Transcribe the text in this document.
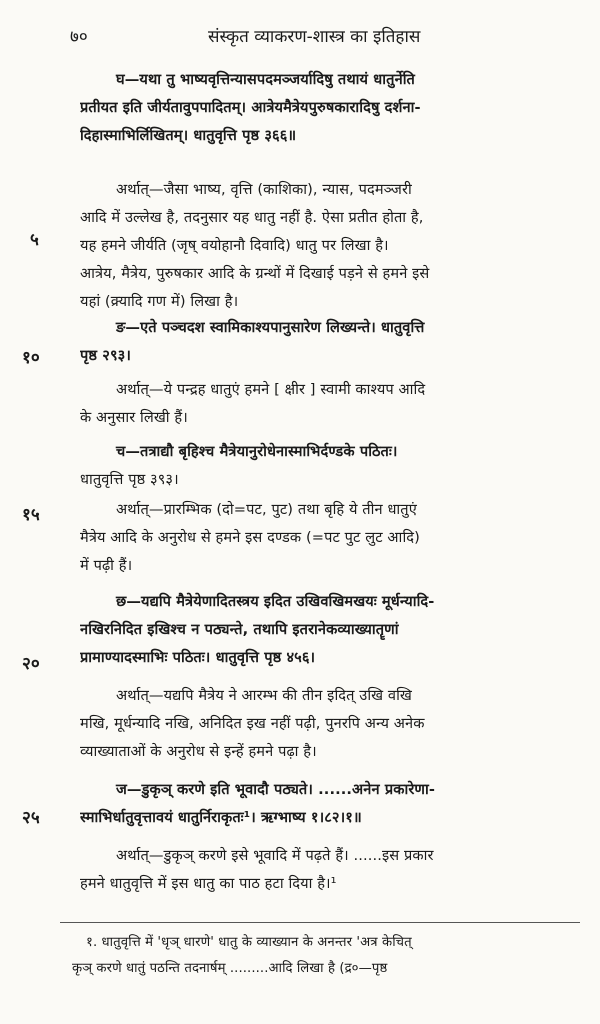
७०	संस्कृत व्याकरण-शास्त्र का इतिहास
५
१०
१५
२०
२५
घ—यथा तु भाष्यवृत्तिन्यासपदमञ्जर्यादिषु तथायं धातुर्नेति
प्रतीयत इति जीर्यतावुपपादितम्। आत्रेयमैत्रेयपुरुषकारादिषु दर्शना-
दिहास्माभिर्लिखितम्। धातुवृत्ति पृष्ठ ३६६॥
अर्थात्—जैसा भाष्य, वृत्ति (काशिका), न्यास, पदमञ्जरी
आदि में उल्लेख है, तदनुसार यह धातु नहीं है. ऐसा प्रतीत होता है,
यह हमने जीर्यति (जृष् वयोहानौ दिवादि) धातु पर लिखा है।
आत्रेय, मैत्रेय, पुरुषकार आदि के ग्रन्थों में दिखाई पड़ने से हमने इसे
यहां (क्र्यादि गण में) लिखा है।
ङ—एते पञ्चदश स्वामिकाश्यपानुसारेण लिख्यन्ते। धातुवृत्ति
पृष्ठ २९३।
अर्थात्—ये पन्द्रह धातुएं हमने [ क्षीर ] स्वामी काश्यप आदि
के अनुसार लिखी हैं।
च—तत्राद्यौ बृहिश्च मैत्रेयानुरोधेनास्माभिर्दण्डके पठितः।
धातुवृत्ति पृष्ठ ३९३।
अर्थात्—प्रारम्भिक (दो=पट, पुट) तथा बृहि ये तीन धातुएं
मैत्रेय आदि के अनुरोध से हमने इस दण्डक (=पट पुट लुट आदि)
में पढ़ी हैं।
छ—यद्यपि मैत्रेयेणादितस्त्रय इदित उखिवखिमखयः मूर्धन्यादि-
नखिरनिदित इखिश्च न पठ्यन्ते, तथापि इतरानेकव्याख्यातॄणां
प्रामाण्यादस्माभिः पठितः। धातुवृत्ति पृष्ठ ४५६।
अर्थात्—यद्यपि मैत्रेय ने आरम्भ की तीन इदित् उखि वखि
मखि, मूर्धन्यादि नखि, अनिदित इख नहीं पढ़ी, पुनरपि अन्य अनेक
व्याख्याताओं के अनुरोध से इन्हें हमने पढ़ा है।
ज—डुकृञ् करणे इति भूवादौ पठ्यते। ......अनेन प्रकारेणा-
स्माभिर्धातुवृत्तावयं धातुर्निराकृतः¹। ऋग्भाष्य १।८२।१॥
अर्थात्—डुकृञ् करणे इसे भूवादि में पढ़ते हैं। ......इस प्रकार
हमने धातुवृत्ति में इस धातु का पाठ हटा दिया है।¹
१. धातुवृत्ति में 'धृञ् धारणे' धातु के व्याख्यान के अनन्तर 'अत्र केचित्
कृञ् करणे धातुं पठन्ति तदनार्षम् .........आदि लिखा है (द्र०—पृष्ठ
